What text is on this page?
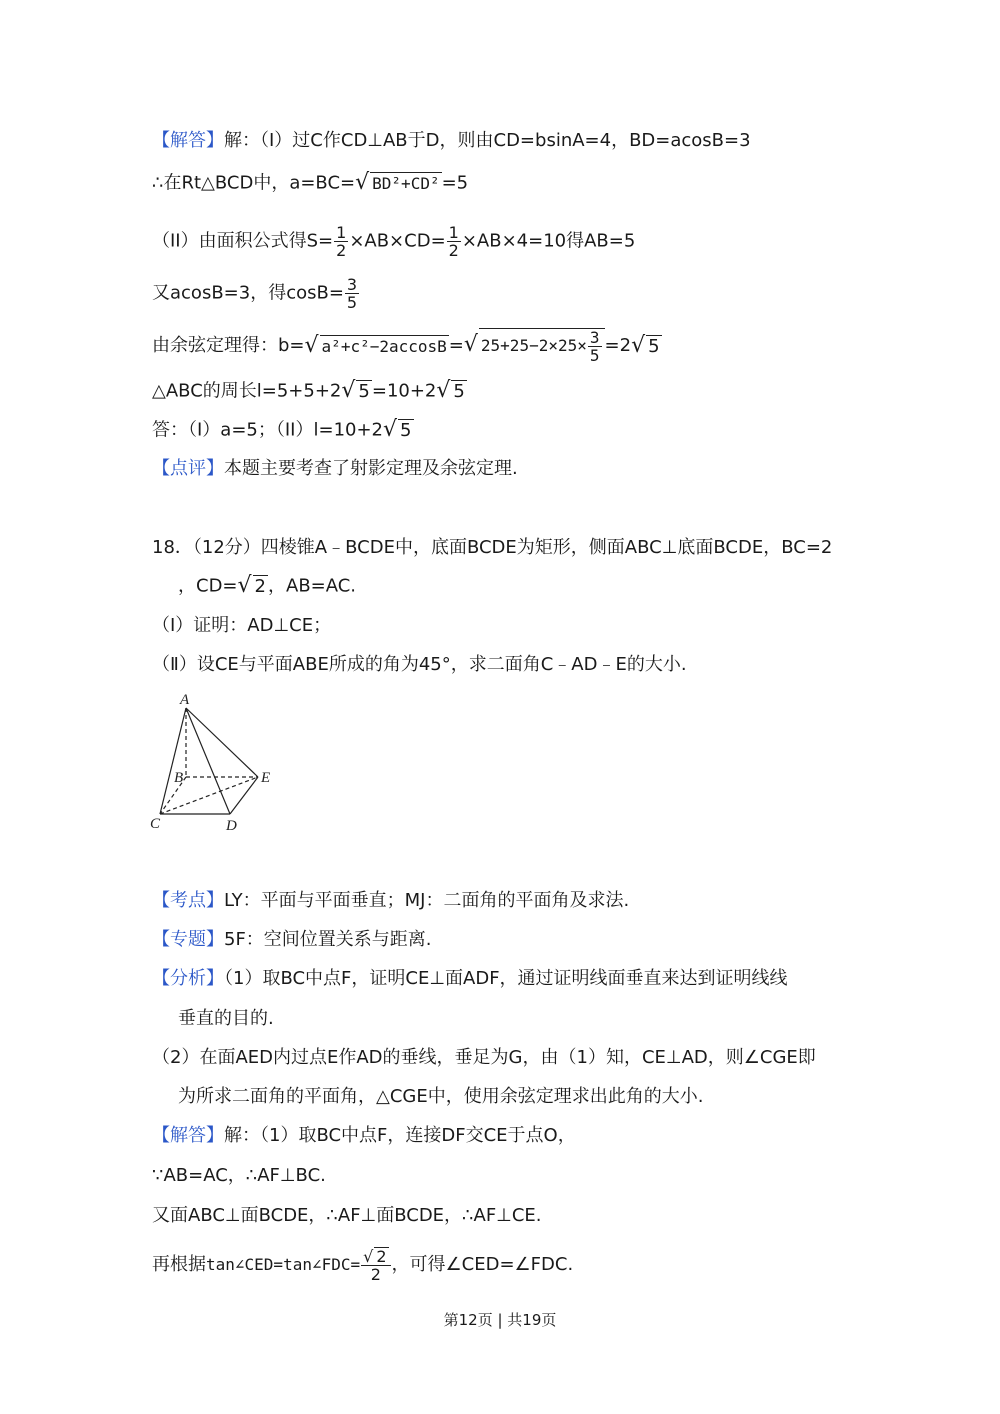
【解答】解：（I）过C作CD⊥AB于D，则由CD=bsinA=4，BD=acosB=3
∴在Rt△BCD中，a=BC=√ BD²+CD² =5
（II）由面积公式得$S= \frac{1}{2} \times AB\times CD= \frac{1}{2} \times AB\times 4=10$得AB=5
又acosB=3，得$\cos B= \frac{3}{5}$
由余弦定理得：b=√ a²+c²−2accosB =√ $25+25-2\times 25\times \frac{3}{5} =2√$ 5
△ABC的周长l=5+5+2√ 5 =10+2√ 5
答：（I）a=5；（II）l=10+2√ 5
【点评】本题主要考查了射影定理及余弦定理.
18．（12分）四棱锥A﹣BCDE中，底面BCDE为矩形，侧面ABC⊥底面BCDE，BC=2
，CD=√ 2 ，AB=AC.
（Ⅰ）证明：AD⊥CE；
（Ⅱ）设CE与平面ABE所成的角为45°，求二面角C﹣AD﹣E的大小.
A
B
C	D
E
【考点】LY：平面与平面垂直；MJ：二面角的平面角及求法.
【专题】5F：空间位置关系与距离.
【分析】（1）取BC中点F，证明CE⊥面ADF，通过证明线面垂直来达到证明线线
垂直的目的.
（2）在面AED内过点E作AD的垂线，垂足为G，由（1）知，CE⊥AD，则∠CGE即
为所求二面角的平面角，△CGE中，使用余弦定理求出此角的大小.
【解答】解：（1）取BC中点F，连接DF交CE于点O，
∵AB=AC，∴AF⊥BC.
又面ABC⊥面BCDE，∴AF⊥面BCDE，∴AF⊥CE.
再根据tan∠CED=tan∠FDC= $\frac{√ 2}{2}$ ，可得∠CED=∠FDC.
第12页 | 共19页
